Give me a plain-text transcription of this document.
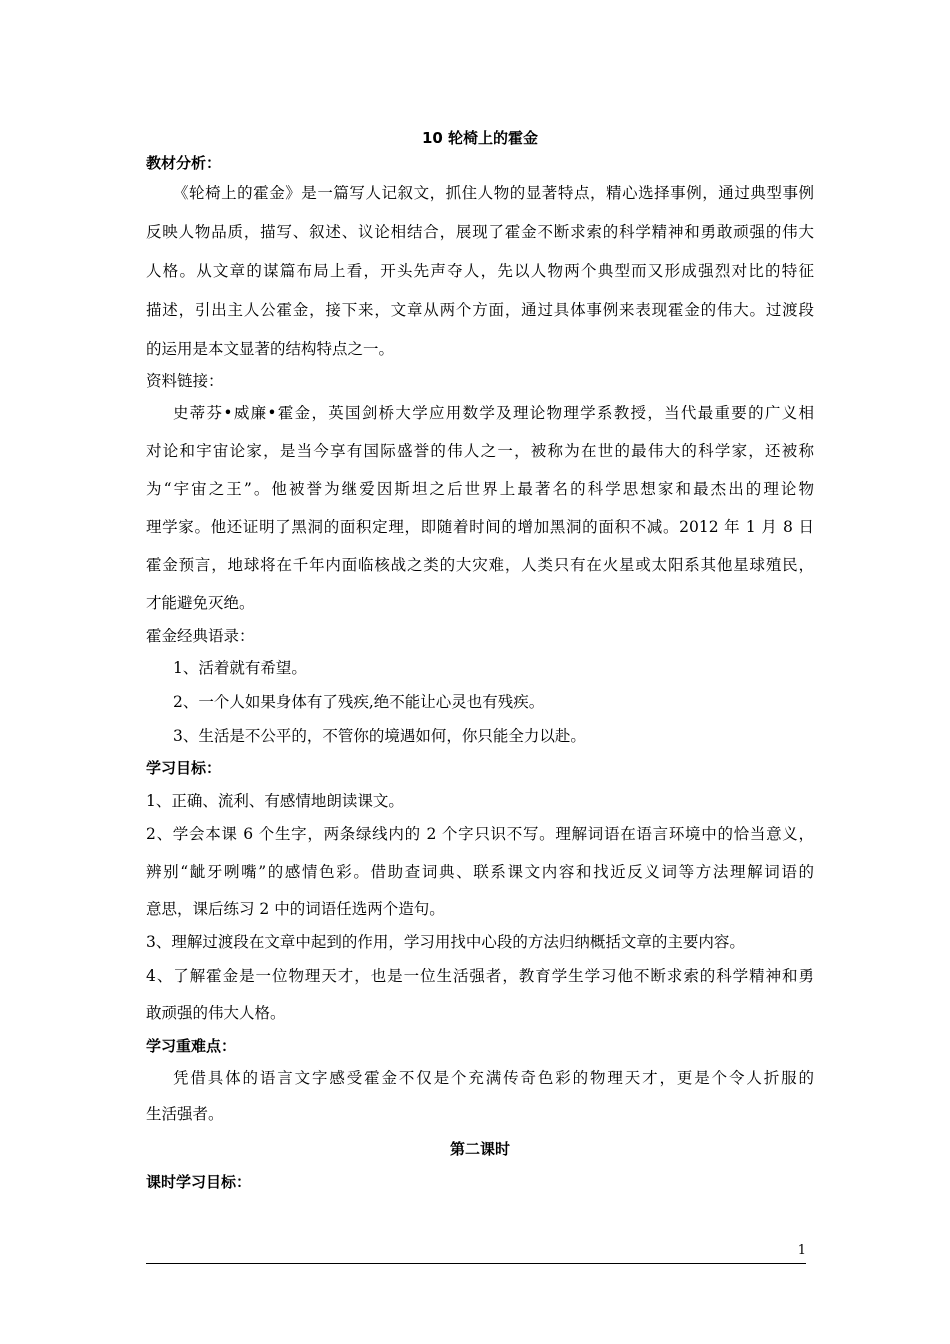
10 轮椅上的霍金
教材分析：
《轮椅上的霍金》是一篇写人记叙文，抓住人物的显著特点，精心选择事例，通过典型事例
反映人物品质，描写、叙述、议论相结合，展现了霍金不断求索的科学精神和勇敢顽强的伟大
人格。从文章的谋篇布局上看，开头先声夺人，先以人物两个典型而又形成强烈对比的特征
描述，引出主人公霍金，接下来，文章从两个方面，通过具体事例来表现霍金的伟大。过渡段
的运用是本文显著的结构特点之一。
资料链接：
史蒂芬•威廉•霍金，英国剑桥大学应用数学及理论物理学系教授，当代最重要的广义相
对论和宇宙论家，是当今享有国际盛誉的伟人之一，被称为在世的最伟大的科学家，还被称
为“宇宙之王”。他被誉为继爱因斯坦之后世界上最著名的科学思想家和最杰出的理论物
理学家。他还证明了黑洞的面积定理，即随着时间的增加黑洞的面积不减。2012 年 1 月 8 日
霍金预言，地球将在千年内面临核战之类的大灾难，人类只有在火星或太阳系其他星球殖民，
才能避免灭绝。
霍金经典语录：
1、活着就有希望。
2、一个人如果身体有了残疾,绝不能让心灵也有残疾。
3、生活是不公平的，不管你的境遇如何，你只能全力以赴。
学习目标：
1、正确、流利、有感情地朗读课文。
2、学会本课 6 个生字，两条绿线内的 2 个字只识不写。理解词语在语言环境中的恰当意义，
辨别“龇牙咧嘴”的感情色彩。借助查词典、联系课文内容和找近反义词等方法理解词语的
意思，课后练习 2 中的词语任选两个造句。
3、理解过渡段在文章中起到的作用，学习用找中心段的方法归纳概括文章的主要内容。
4、了解霍金是一位物理天才，也是一位生活强者，教育学生学习他不断求索的科学精神和勇
敢顽强的伟大人格。
学习重难点：
凭借具体的语言文字感受霍金不仅是个充满传奇色彩的物理天才，更是个令人折服的
生活强者。
第二课时
课时学习目标：
1
